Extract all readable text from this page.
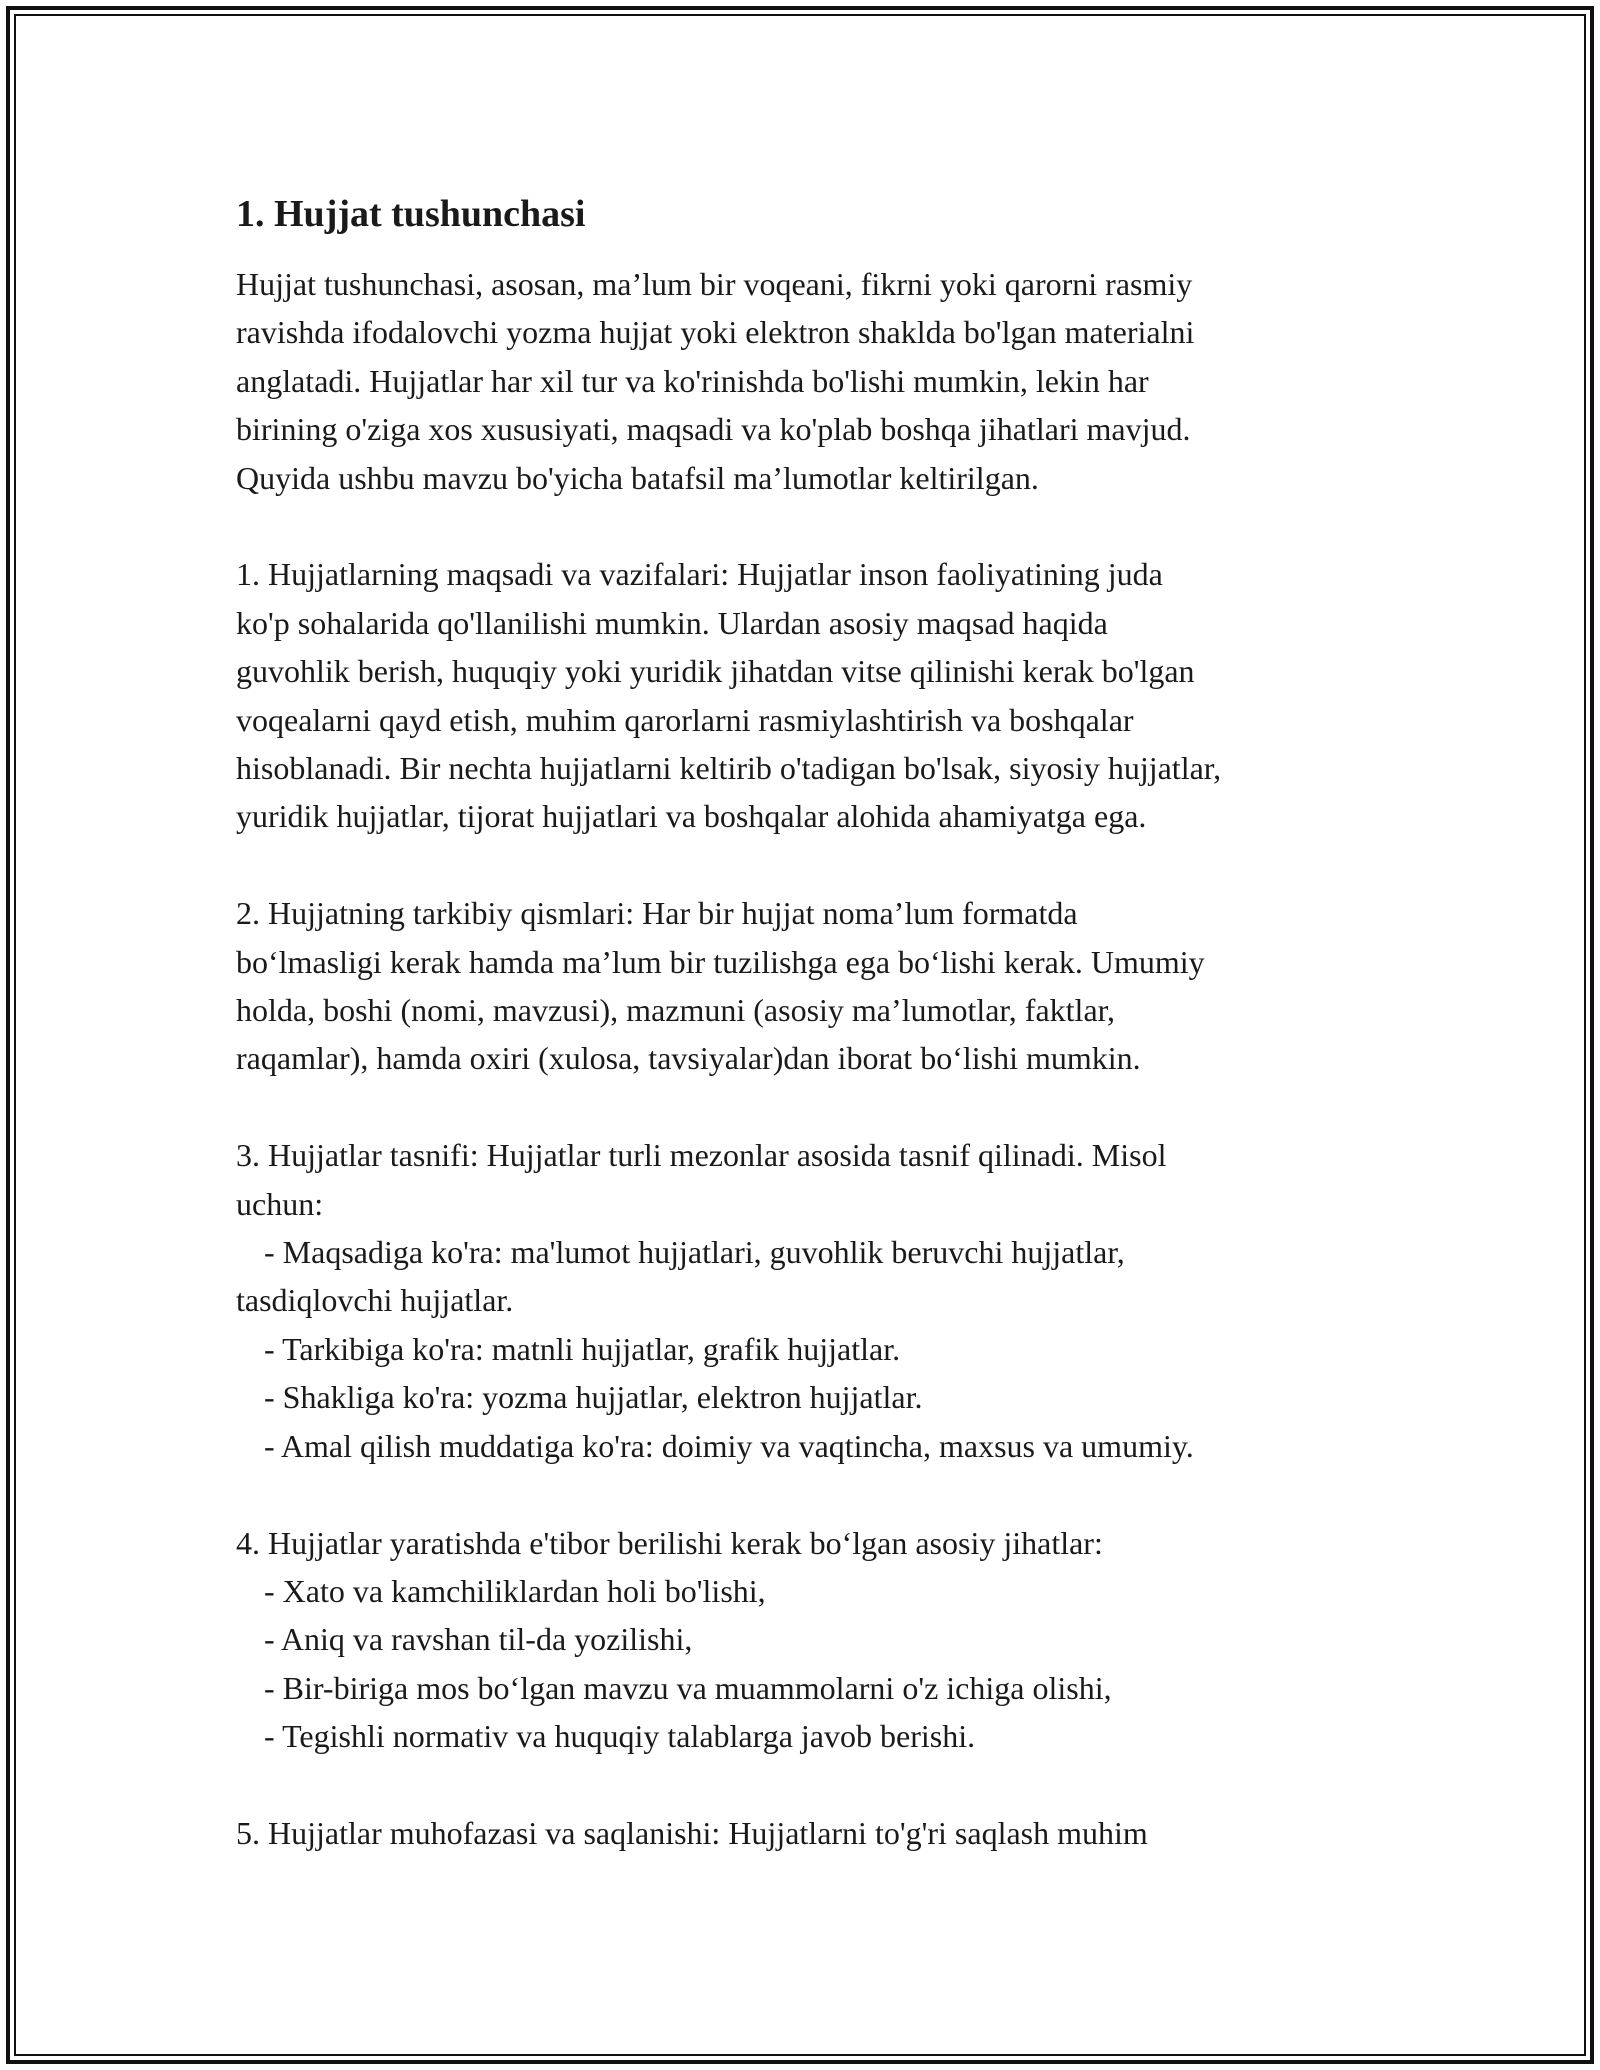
1. Hujjat tushunchasi

Hujjat tushunchasi, asosan, ma’lum bir voqeani, fikrni yoki qarorni rasmiy
ravishda ifodalovchi yozma hujjat yoki elektron shaklda bo'lgan materialni
anglatadi. Hujjatlar har xil tur va ko'rinishda bo'lishi mumkin, lekin har
birining o'ziga xos xususiyati, maqsadi va ko'plab boshqa jihatlari mavjud.
Quyida ushbu mavzu bo'yicha batafsil ma’lumotlar keltirilgan.

1. Hujjatlarning maqsadi va vazifalari: Hujjatlar inson faoliyatining juda
ko'p sohalarida qo'llanilishi mumkin. Ulardan asosiy maqsad haqida
guvohlik berish, huquqiy yoki yuridik jihatdan vitse qilinishi kerak bo'lgan
voqealarni qayd etish, muhim qarorlarni rasmiylashtirish va boshqalar
hisoblanadi. Bir nechta hujjatlarni keltirib o'tadigan bo'lsak, siyosiy hujjatlar,
yuridik hujjatlar, tijorat hujjatlari va boshqalar alohida ahamiyatga ega.

2. Hujjatning tarkibiy qismlari: Har bir hujjat noma’lum formatda
bo‘lmasligi kerak hamda ma’lum bir tuzilishga ega bo‘lishi kerak. Umumiy
holda, boshi (nomi, mavzusi), mazmuni (asosiy ma’lumotlar, faktlar,
raqamlar), hamda oxiri (xulosa, tavsiyalar)dan iborat bo‘lishi mumkin.

3. Hujjatlar tasnifi: Hujjatlar turli mezonlar asosida tasnif qilinadi. Misol
uchun:
- Maqsadiga ko'ra: ma'lumot hujjatlari, guvohlik beruvchi hujjatlar,
tasdiqlovchi hujjatlar.
- Tarkibiga ko'ra: matnli hujjatlar, grafik hujjatlar.
- Shakliga ko'ra: yozma hujjatlar, elektron hujjatlar.
- Amal qilish muddatiga ko'ra: doimiy va vaqtincha, maxsus va umumiy.

4. Hujjatlar yaratishda e'tibor berilishi kerak bo‘lgan asosiy jihatlar:
- Xato va kamchiliklardan holi bo'lishi,
- Aniq va ravshan til-da yozilishi,
- Bir-biriga mos bo‘lgan mavzu va muammolarni o'z ichiga olishi,
- Tegishli normativ va huquqiy talablarga javob berishi.

5. Hujjatlar muhofazasi va saqlanishi: Hujjatlarni to'g'ri saqlash muhim
